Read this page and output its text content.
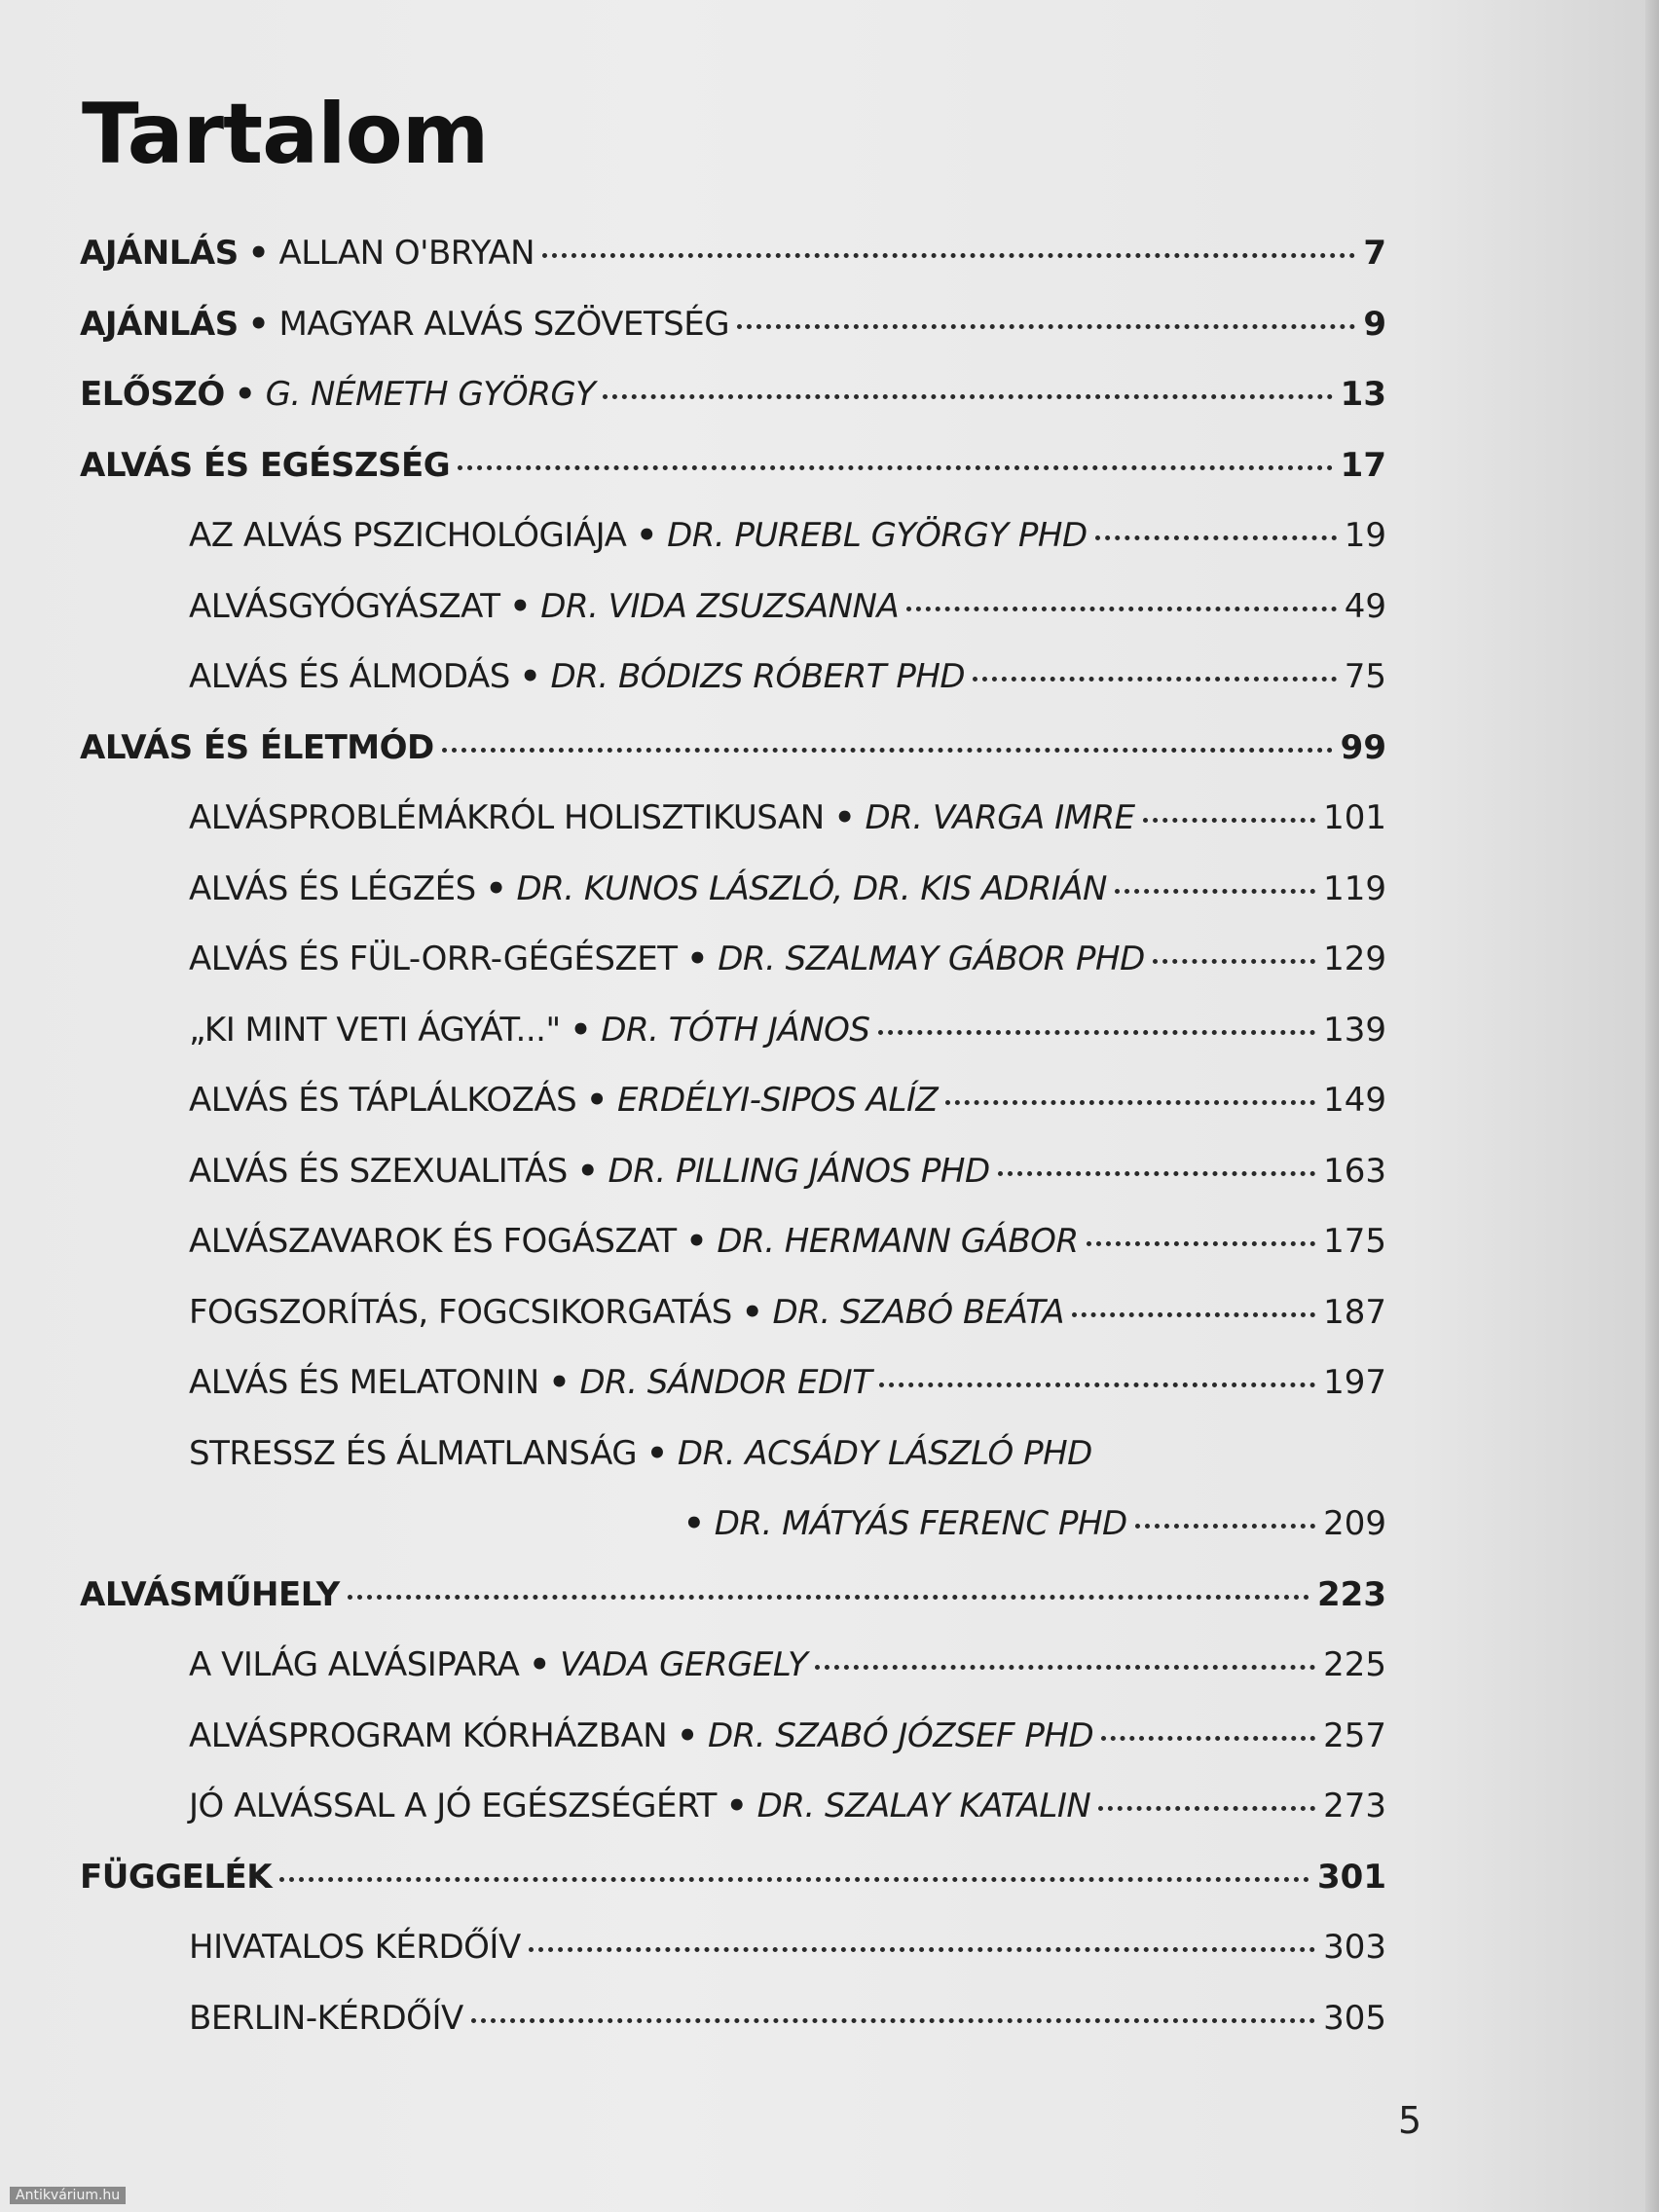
Tartalom
AJÁNLÁS • ALLAN O'BRYAN	7
AJÁNLÁS • MAGYAR ALVÁS SZÖVETSÉG	9
ELŐSZÓ • G. NÉMETH GYÖRGY	13
ALVÁS ÉS EGÉSZSÉG	17
AZ ALVÁS PSZICHOLÓGIÁJA • DR. PUREBL GYÖRGY PHD	19
ALVÁSGYÓGYÁSZAT • DR. VIDA ZSUZSANNA	49
ALVÁS ÉS ÁLMODÁS • DR. BÓDIZS RÓBERT PHD	75
ALVÁS ÉS ÉLETMÓD	99
ALVÁSPROBLÉMÁKRÓL HOLISZTIKUSAN • DR. VARGA IMRE	101
ALVÁS ÉS LÉGZÉS • DR. KUNOS LÁSZLÓ, DR. KIS ADRIÁN	119
ALVÁS ÉS FÜL-ORR-GÉGÉSZET • DR. SZALMAY GÁBOR PHD	129
„KI MINT VETI ÁGYÁT..." • DR. TÓTH JÁNOS	139
ALVÁS ÉS TÁPLÁLKOZÁS • ERDÉLYI-SIPOS ALÍZ	149
ALVÁS ÉS SZEXUALITÁS • DR. PILLING JÁNOS PHD	163
ALVÁSZAVAROK ÉS FOGÁSZAT • DR. HERMANN GÁBOR	175
FOGSZORÍTÁS, FOGCSIKORGATÁS • DR. SZABÓ BEÁTA	187
ALVÁS ÉS MELATONIN • DR. SÁNDOR EDIT	197
STRESSZ ÉS ÁLMATLANSÁG • DR. ACSÁDY LÁSZLÓ PHD
• DR. MÁTYÁS FERENC PHD	209
ALVÁSMŰHELY	223
A VILÁG ALVÁSIPARA • VADA GERGELY	225
ALVÁSPROGRAM KÓRHÁZBAN • DR. SZABÓ JÓZSEF PHD	257
JÓ ALVÁSSAL A JÓ EGÉSZSÉGÉRT • DR. SZALAY KATALIN	273
FÜGGELÉK	301
HIVATALOS KÉRDŐÍV	303
BERLIN-KÉRDŐÍV	305
5
Antikvárium.hu
